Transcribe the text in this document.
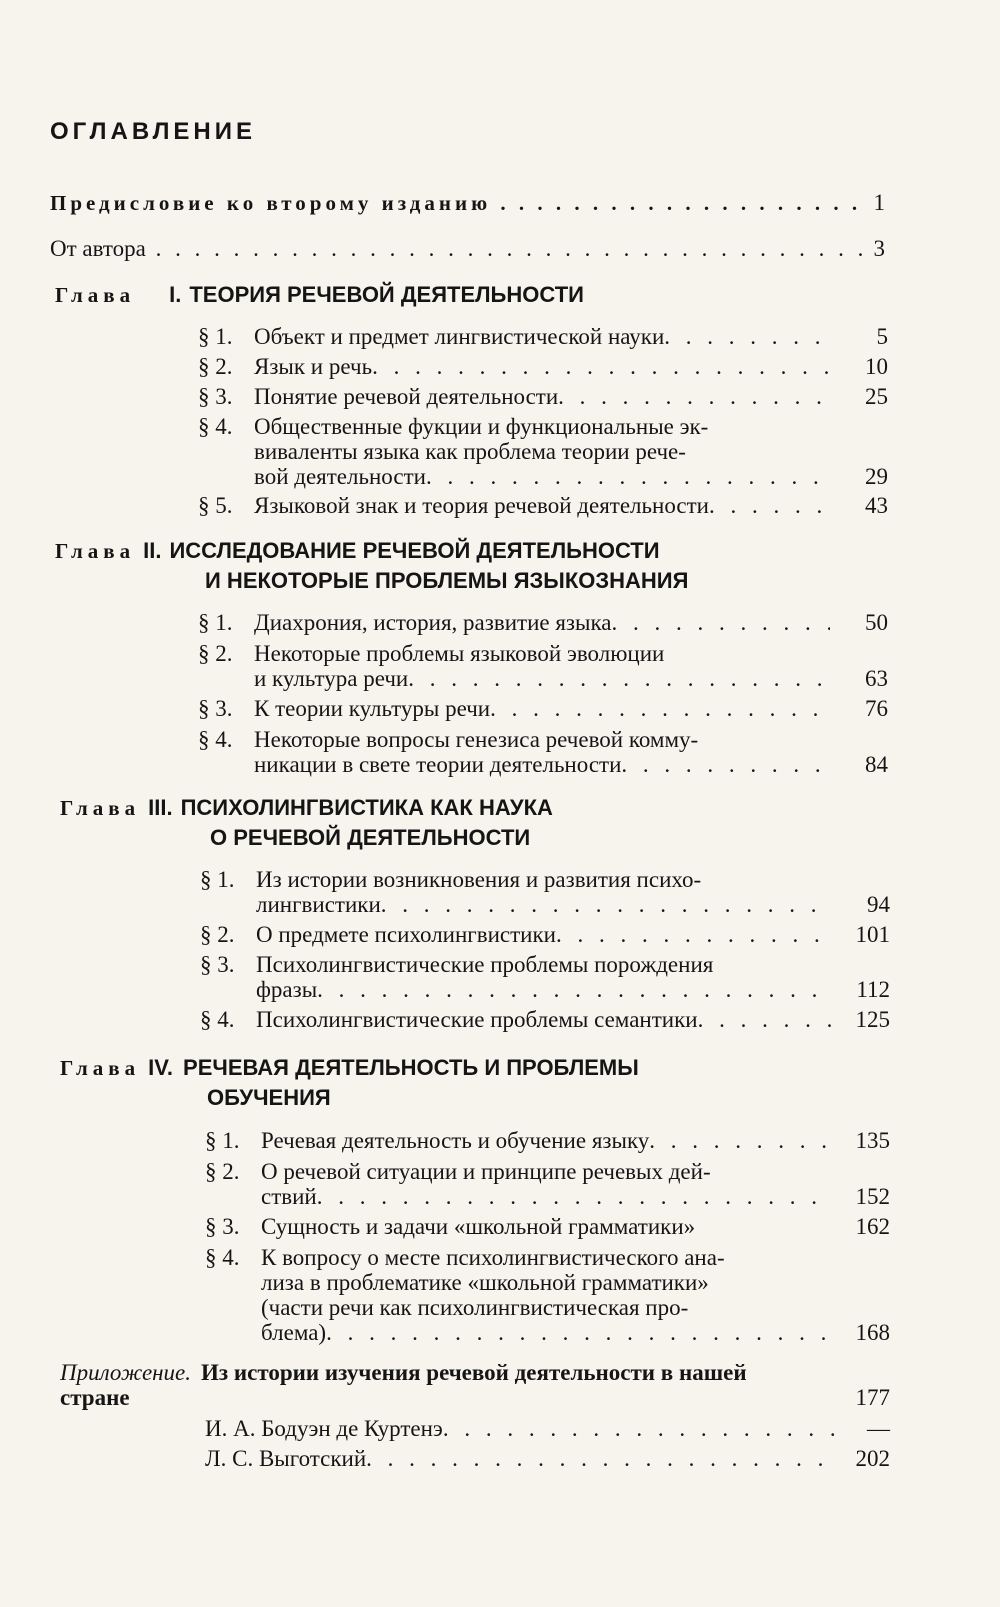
ОГЛАВЛЕНИЕ
Предисловие ко второму изданию . . .	1
От автора . . .	3
Глава I. ТЕОРИЯ РЕЧЕВОЙ ДЕЯТЕЛЬНОСТИ
§ 1. Объект и предмет лингвистической науки . . .	5
§ 2. Язык и речь . . .	10
§ 3. Понятие речевой деятельности . . .	25
§ 4. Общественные фукции и функциональные эк-
виваленты языка как проблема теории рече-
вой деятельности . . .	29
§ 5. Языковой знак и теория речевой деятельности . . .	43
Глава II. ИССЛЕДОВАНИЕ РЕЧЕВОЙ ДЕЯТЕЛЬНОСТИ
И НЕКОТОРЫЕ ПРОБЛЕМЫ ЯЗЫКОЗНАНИЯ
§ 1. Диахрония, история, развитие языка . . .	50
§ 2. Некоторые проблемы языковой эволюции
и культура речи . . .	63
§ 3. К теории культуры речи . . .	76
§ 4. Некоторые вопросы генезиса речевой комму-
никации в свете теории деятельности . . .	84
Глава III. ПСИХОЛИНГВИСТИКА КАК НАУКА
О РЕЧЕВОЙ ДЕЯТЕЛЬНОСТИ
§ 1. Из истории возникновения и развития психо-
лингвистики . . .	94
§ 2. О предмете психолингвистики . . .	101
§ 3. Психолингвистические проблемы порождения
фразы . . .	112
§ 4. Психолингвистические проблемы семантики . . .	125
Глава IV. РЕЧЕВАЯ ДЕЯТЕЛЬНОСТЬ И ПРОБЛЕМЫ
ОБУЧЕНИЯ
§ 1. Речевая деятельность и обучение языку . . .	135
§ 2. О речевой ситуации и принципе речевых дей-
ствий . . .	152
§ 3. Сущность и задачи «школьной грамматики»	162
§ 4. К вопросу о месте психолингвистического ана-
лиза в проблематике «школьной грамматики»
(части речи как психолингвистическая про-
блема) . . .	168
Приложение. Из истории изучения речевой деятельности в нашей
стране	177
И. А. Бодуэн де Куртенэ . . .	—
Л. С. Выготский . . .	202
